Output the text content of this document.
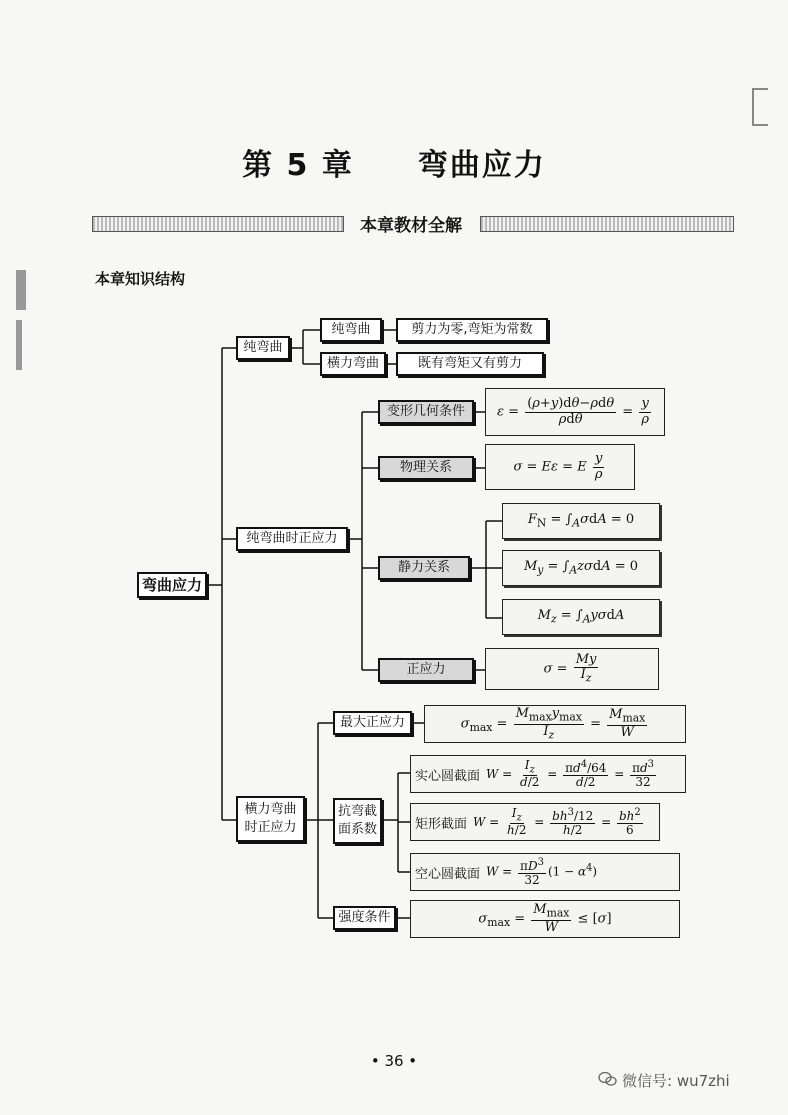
第 5 章　　弯曲应力
本章教材全解
本章知识结构
弯曲应力
纯弯曲
纯弯曲
横力弯曲
剪力为零,弯矩为常数
既有弯矩又有剪力
纯弯曲时正应力
变形几何条件	$\varepsilon = \frac{\text{(ρ+y)dθ−ρdθ}}{\text{ρdθ}} = \frac{y}{\rho}$
物理关系	σ = Eε = E $\frac{y}{\rho}$
静力关系
$F_N = \int_A\sigma dA = 0$
$M_y = \int_Az\sigma dA = 0$
$M_z = \int_Ay\sigma dA$
正应力	$\sigma = \frac{My}{I_z}$
横力弯曲
时正应力
最大正应力	$\sigma_{max} = \frac{M_{max}y_{max}}{I_z} = \frac{M_{max}}{W}$
抗弯截
面系数
实心圆截面 $W = \frac{I_z}{d/2} = \frac{\pi d^4/64}{d/2} = \frac{\pi d^3}{32}$
矩形截面 $W = \frac{I_z}{h/2} = \frac{bh^3/12}{h/2} = \frac{bh^2}{6}$
空心圆截面 $W = \frac{\pi D^3}{32} (1 - \alpha^4)$
强度条件	$\sigma_{max} = \frac{M_{max}}{W} \le [\sigma]$
• 36 •
微信号: wu7zhi
